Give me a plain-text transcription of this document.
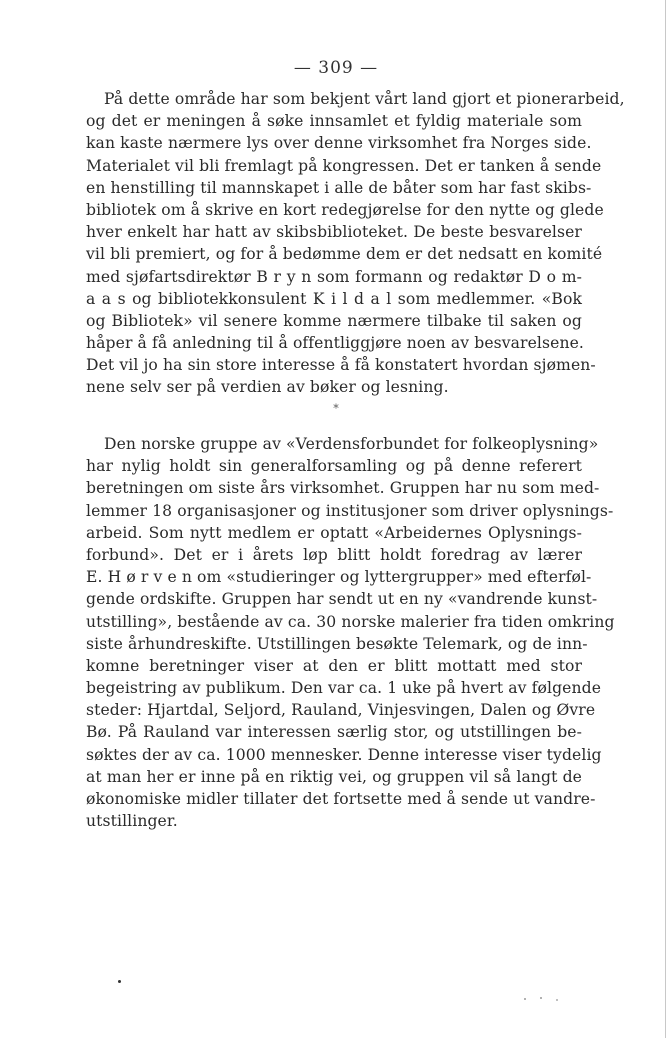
— 309 —
På dette område har som bekjent vårt land gjort et pionerarbeid,
og det er meningen å søke innsamlet et fyldig materiale som
kan kaste nærmere lys over denne virksomhet fra Norges side.
Materialet vil bli fremlagt på kongressen. Det er tanken å sende
en henstilling til mannskapet i alle de båter som har fast skibs-
bibliotek om å skrive en kort redegjørelse for den nytte og glede
hver enkelt har hatt av skibsbiblioteket. De beste besvarelser
vil bli premiert, og for å bedømme dem er det nedsatt en komité
med sjøfartsdirektør B r y n som formann og redaktør D o m-
a a s og bibliotekkonsulent K i l d a l som medlemmer. «Bok
og Bibliotek» vil senere komme nærmere tilbake til saken og
håper å få anledning til å offentliggjøre noen av besvarelsene.
Det vil jo ha sin store interesse å få konstatert hvordan sjømen-
nene selv ser på verdien av bøker og lesning.
*
Den norske gruppe av «Verdensforbundet for folkeoplysning»
har nylig holdt sin generalforsamling og på denne referert
beretningen om siste års virksomhet. Gruppen har nu som med-
lemmer 18 organisasjoner og institusjoner som driver oplysnings-
arbeid. Som nytt medlem er optatt «Arbeidernes Oplysnings-
forbund». Det er i årets løp blitt holdt foredrag av lærer
E. H ø r v e n om «studieringer og lyttergrupper» med efterføl-
gende ordskifte. Gruppen har sendt ut en ny «vandrende kunst-
utstilling», bestående av ca. 30 norske malerier fra tiden omkring
siste århundreskifte. Utstillingen besøkte Telemark, og de inn-
komne beretninger viser at den er blitt mottatt med stor
begeistring av publikum. Den var ca. 1 uke på hvert av følgende
steder: Hjartdal, Seljord, Rauland, Vinjesvingen, Dalen og Øvre
Bø. På Rauland var interessen særlig stor, og utstillingen be-
søktes der av ca. 1000 mennesker. Denne interesse viser tydelig
at man her er inne på en riktig vei, og gruppen vil så langt de
økonomiske midler tillater det fortsette med å sende ut vandre-
utstillinger.
